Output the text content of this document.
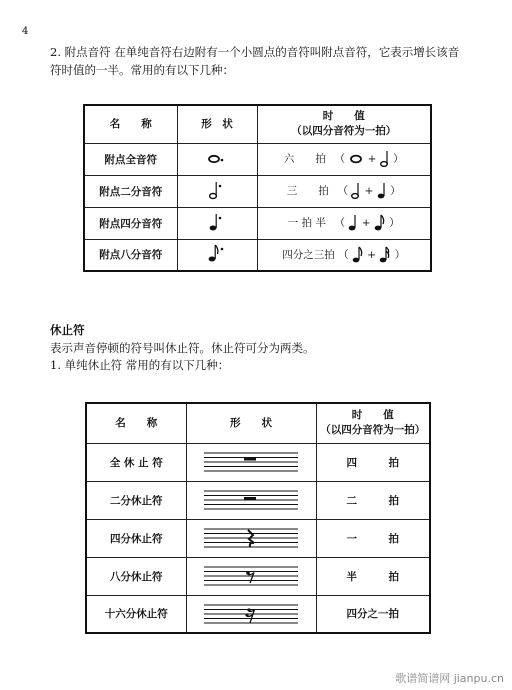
4
2. 附点音符 在单纯音符右边附有一个小圆点的音符叫附点音符，它表示增长该音
符时值的一半。常用的有以下几种：
名　　称	形　状	时　　值
（以四分音符为一拍）

附点全音符		六　　拍 　（  +  ）
附点二分音符		三　　拍 　（  +  ）
附点四分音符		一 拍 半 　（  +  ）
附点八分音符		四分之三拍 （  +  ）
休止符
表示声音停顿的符号叫休止符。休止符可分为两类。
1. 单纯休止符 常用的有以下几种：
名　　称	形　　状	时　　值
（以四分音符为一拍）

全 休 止 符		四　　　拍
二分休止符		二　　　拍
四分休止符		一　　　拍
八分休止符		半　　　拍
十六分休止符		四分之一拍
歌谱简谱网 jianpu.cn
